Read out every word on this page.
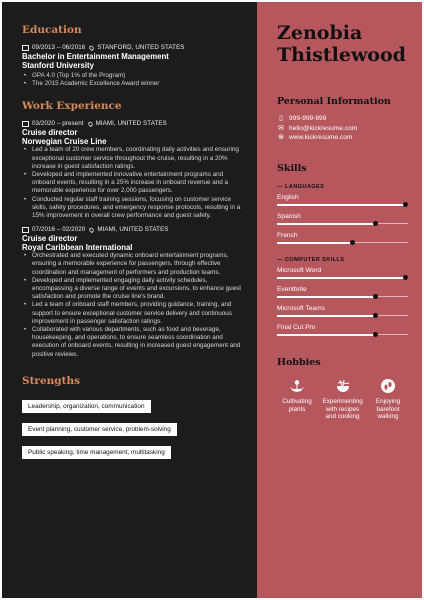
Education
09/2013 – 06/2016 STANFORD, UNITED STATES
Bachelor in Entertainment Management
Stanford University
• GPA 4.0 (Top 1% of the Program)
• The 2015 Academic Excellence Award winner
Work Experience
03/2020 – present MIAMI, UNITED STATES
Cruise director
Norwegian Cruise Line
• Led a team of 20 crew members, coordinating daily activities and ensuring exceptional customer service throughout the cruise, resulting in a 20% increase in guest satisfaction ratings.
• Developed and implemented innovative entertainment programs and onboard events, resulting in a 25% increase in onboard revenue and a memorable experience for over 2,000 passengers.
• Conducted regular staff training sessions, focusing on customer service skills, safety procedures, and emergency response protocols, resulting in a 15% improvement in overall crew performance and guest safety.
07/2016 – 02/2020 MIAMI, UNITED STATES
Cruise director
Royal Caribbean International
• Orchestrated and executed dynamic onboard entertainment programs, ensuring a memorable experience for passengers, through effective coordination and management of performers and production teams.
• Developed and implemented engaging daily activity schedules, encompassing a diverse range of events and excursions, to enhance guest satisfaction and promote the cruise line's brand.
• Led a team of onboard staff members, providing guidance, training, and support to ensure exceptional customer service delivery and continuous improvement in passenger satisfaction ratings.
• Collaborated with various departments, such as food and beverage, housekeeping, and operations, to ensure seamless coordination and execution of onboard events, resulting in increased guest engagement and positive reviews.
Strengths
Leadership, organization, communication
Event planning, customer service, problem-solving
Public speaking, time management, multitasking
Zenobia
Thistlewood
Personal Information
▯ 999-999-999
✉ hello@kickresume.com
⊕ www.kickresume.com
Skills
— LANGUAGES
English
Spanish
French
— COMPUTER SKILLS
Microsoft Word
Eventbrite
Microsoft Teams
Final Cut Pro
Hobbies
Cultivating plants
Experimenting with recipes and cooking
Enjoying barefoot walking
